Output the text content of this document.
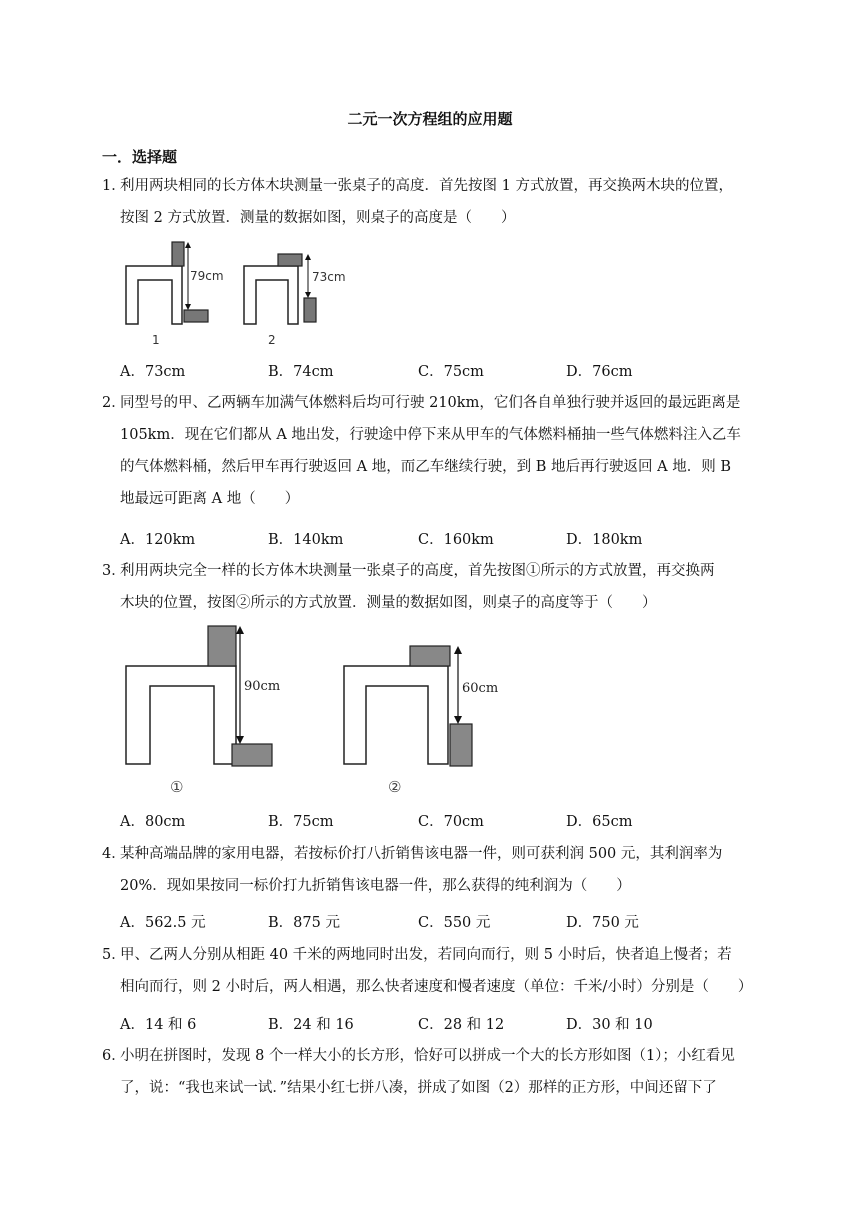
二元一次方程组的应用题
一．选择题
1．
利用两块相同的长方体木块测量一张桌子的高度．首先按图 1 方式放置，再交换两木块的位置，
按图 2 方式放置．测量的数据如图，则桌子的高度是（　　）
79cm
1
73cm
2
A．73cm	B．74cm	C．75cm	D．76cm
2．
同型号的甲、乙两辆车加满气体燃料后均可行驶 210km，它们各自单独行驶并返回的最远距离是
105km．现在它们都从 A 地出发，行驶途中停下来从甲车的气体燃料桶抽一些气体燃料注入乙车
的气体燃料桶，然后甲车再行驶返回 A 地，而乙车继续行驶，到 B 地后再行驶返回 A 地．则 B
地最远可距离 A 地（　　）
A．120km	B．140km	C．160km	D．180km
3．
利用两块完全一样的长方体木块测量一张桌子的高度，首先按图①所示的方式放置，再交换两
木块的位置，按图②所示的方式放置．测量的数据如图，则桌子的高度等于（　　）
90cm
①
60cm
②
A．80cm	B．75cm	C．70cm	D．65cm
4．
某种高端品牌的家用电器，若按标价打八折销售该电器一件，则可获利润 500 元，其利润率为
20%．现如果按同一标价打九折销售该电器一件，那么获得的纯利润为（　　）
A．562.5 元	B．875 元	C．550 元	D．750 元
5．
甲、乙两人分别从相距 40 千米的两地同时出发，若同向而行，则 5 小时后，快者追上慢者；若
相向而行，则 2 小时后，两人相遇，那么快者速度和慢者速度（单位：千米/小时）分别是（　　）
A．14 和 6	B．24 和 16	C．28 和 12	D．30 和 10
6．
小明在拼图时，发现 8 个一样大小的长方形，恰好可以拼成一个大的长方形如图（1）；小红看见
了，说：“我也来试一试．”结果小红七拼八凑，拼成了如图（2）那样的正方形，中间还留下了
